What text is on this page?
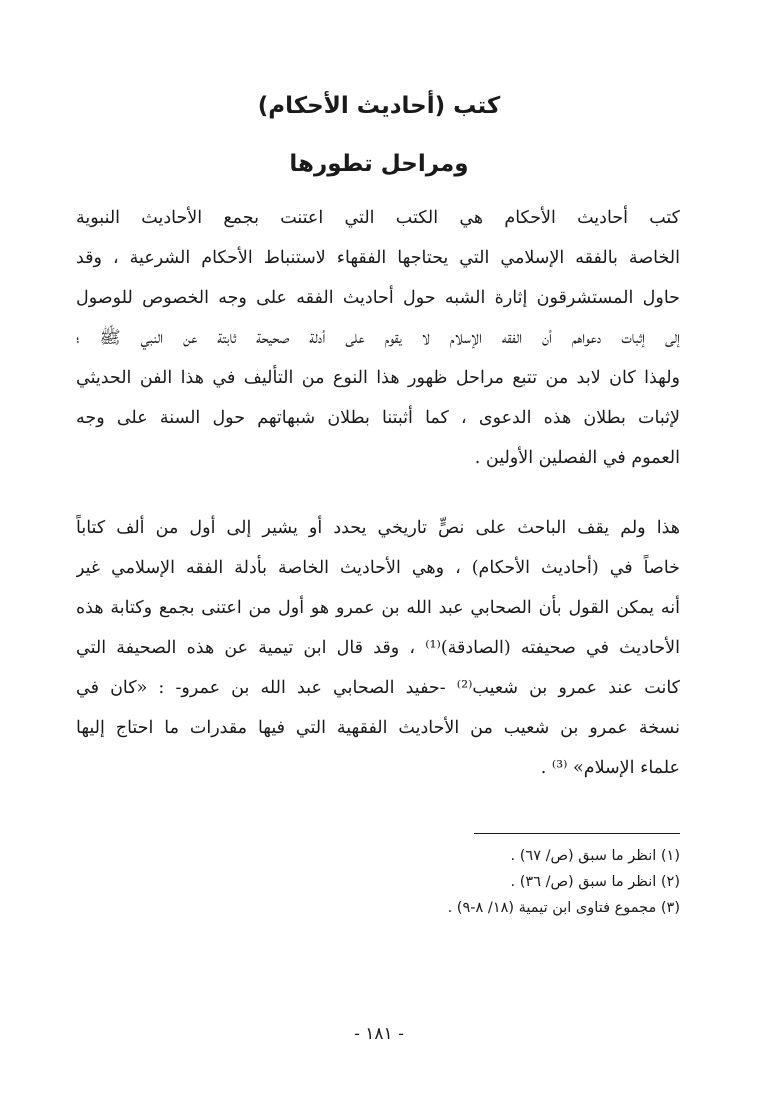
كتب (أحاديث الأحكام)
ومراحل تطورها
كتب أحاديث الأحكام هي الكتب التي اعتنت بجمع الأحاديث النبوية
الخاصة بالفقه الإسلامي التي يحتاجها الفقهاء لاستنباط الأحكام الشرعية ، وقد
حاول المستشرقون إثارة الشبه حول أحاديث الفقه على وجه الخصوص للوصول
إلى إثبات دعواهم أن الفقه الإسلام لا يقوم على أدلة صحيحة ثابتة عن النبي ﷺ ؛
ولهذا كان لابد من تتبع مراحل ظهور هذا النوع من التأليف في هذا الفن الحديثي
لإثبات بطلان هذه الدعوى ، كما أثبتنا بطلان شبهاتهم حول السنة على وجه
العموم في الفصلين الأولين .
هذا ولم يقف الباحث على نصٍّ تاريخي يحدد أو يشير إلى أول من ألف كتاباً
خاصاً في (أحاديث الأحكام) ، وهي الأحاديث الخاصة بأدلة الفقه الإسلامي غير
أنه يمكن القول بأن الصحابي عبد الله بن عمرو هو أول من اعتنى بجمع وكتابة هذه
الأحاديث في صحيفته (الصادقة)⁽¹⁾ ، وقد قال ابن تيمية عن هذه الصحيفة التي
كانت عند عمرو بن شعيب⁽²⁾ -حفيد الصحابي عبد الله بن عمرو- : «كان في
نسخة عمرو بن شعيب من الأحاديث الفقهية التي فيها مقدرات ما احتاج إليها
علماء الإسلام» ⁽³⁾ .
(١) انظر ما سبق (ص/ ٦٧) .
(٢) انظر ما سبق (ص/ ٣٦) .
(٣) مجموع فتاوى ابن تيمية (١٨/ ٨-٩) .
- ١٨١ -
